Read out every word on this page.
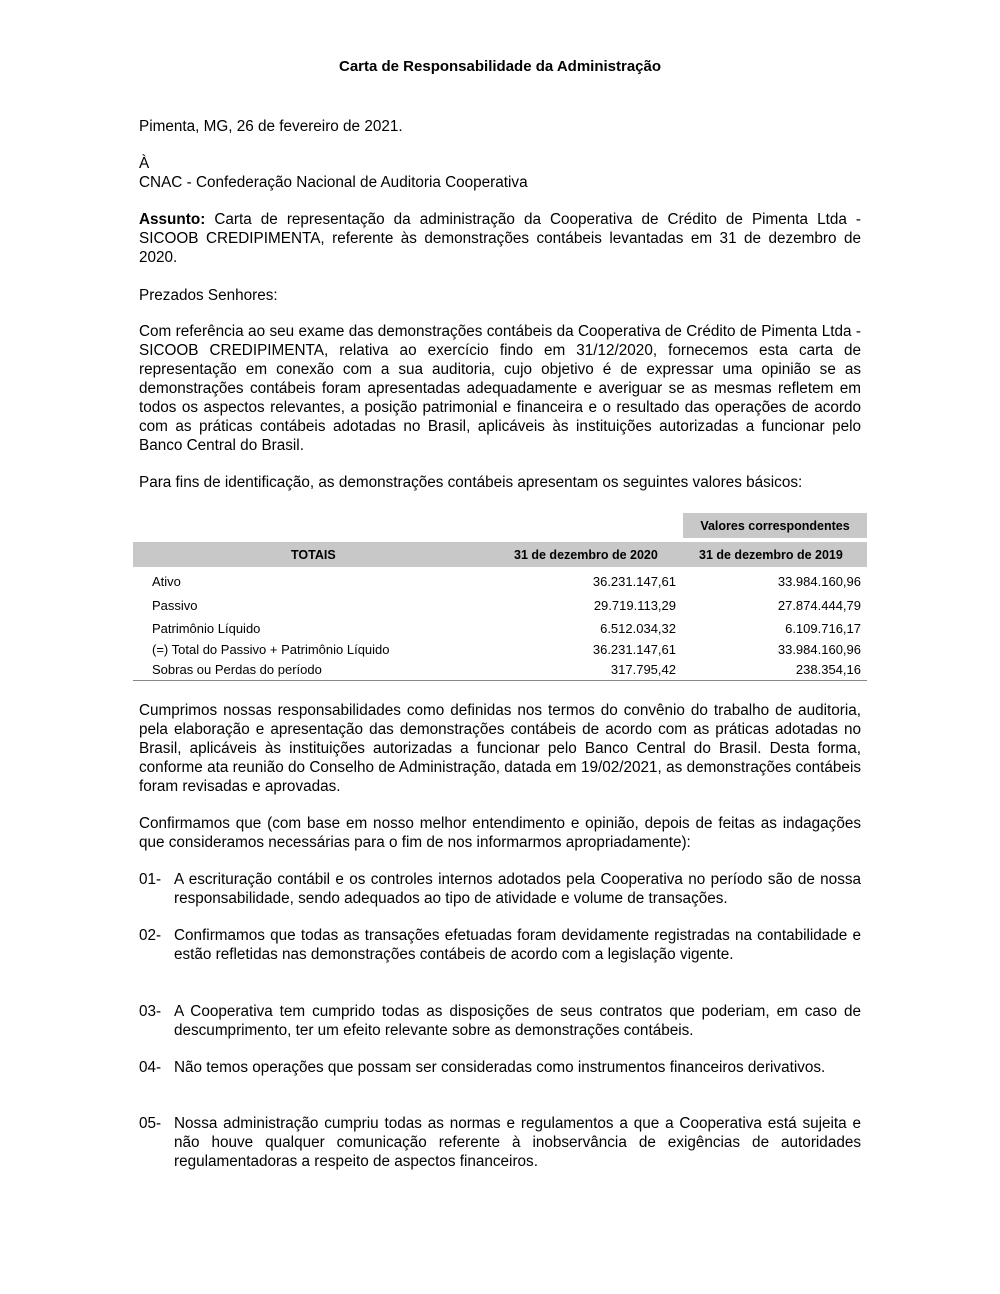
Carta de Responsabilidade da Administração
Pimenta, MG, 26 de fevereiro de 2021.
À
CNAC - Confederação Nacional de Auditoria Cooperativa
Assunto: Carta de representação da administração da Cooperativa de Crédito de Pimenta Ltda - SICOOB CREDIPIMENTA, referente às demonstrações contábeis levantadas em 31 de dezembro de 2020.
Prezados Senhores:
Com referência ao seu exame das demonstrações contábeis da Cooperativa de Crédito de Pimenta Ltda - SICOOB CREDIPIMENTA, relativa ao exercício findo em 31/12/2020, fornecemos esta carta de representação em conexão com a sua auditoria, cujo objetivo é de expressar uma opinião se as demonstrações contábeis foram apresentadas adequadamente e averiguar se as mesmas refletem em todos os aspectos relevantes, a posição patrimonial e financeira e o resultado das operações de acordo com as práticas contábeis adotadas no Brasil, aplicáveis às instituições autorizadas a funcionar pelo Banco Central do Brasil.
Para fins de identificação, as demonstrações contábeis apresentam os seguintes valores básicos:
Valores correspondentes
TOTAIS	31 de dezembro de 2020	31 de dezembro de 2019
Ativo	36.231.147,61	33.984.160,96
Passivo	29.719.113,29	27.874.444,79
Patrimônio Líquido	6.512.034,32	6.109.716,17
(=) Total do Passivo + Patrimônio Líquido	36.231.147,61	33.984.160,96
Sobras ou Perdas do período	317.795,42	238.354,16
Cumprimos nossas responsabilidades como definidas nos termos do convênio do trabalho de auditoria, pela elaboração e apresentação das demonstrações contábeis de acordo com as práticas adotadas no Brasil, aplicáveis às instituições autorizadas a funcionar pelo Banco Central do Brasil. Desta forma, conforme ata reunião do Conselho de Administração, datada em 19/02/2021, as demonstrações contábeis foram revisadas e aprovadas.
Confirmamos que (com base em nosso melhor entendimento e opinião, depois de feitas as indagações que consideramos necessárias para o fim de nos informarmos apropriadamente):
01- A escrituração contábil e os controles internos adotados pela Cooperativa no período são de nossa responsabilidade, sendo adequados ao tipo de atividade e volume de transações.
02- Confirmamos que todas as transações efetuadas foram devidamente registradas na contabilidade e estão refletidas nas demonstrações contábeis de acordo com a legislação vigente.
03- A Cooperativa tem cumprido todas as disposições de seus contratos que poderiam, em caso de descumprimento, ter um efeito relevante sobre as demonstrações contábeis.
04- Não temos operações que possam ser consideradas como instrumentos financeiros derivativos.
05- Nossa administração cumpriu todas as normas e regulamentos a que a Cooperativa está sujeita e não houve qualquer comunicação referente à inobservância de exigências de autoridades regulamentadoras a respeito de aspectos financeiros.
